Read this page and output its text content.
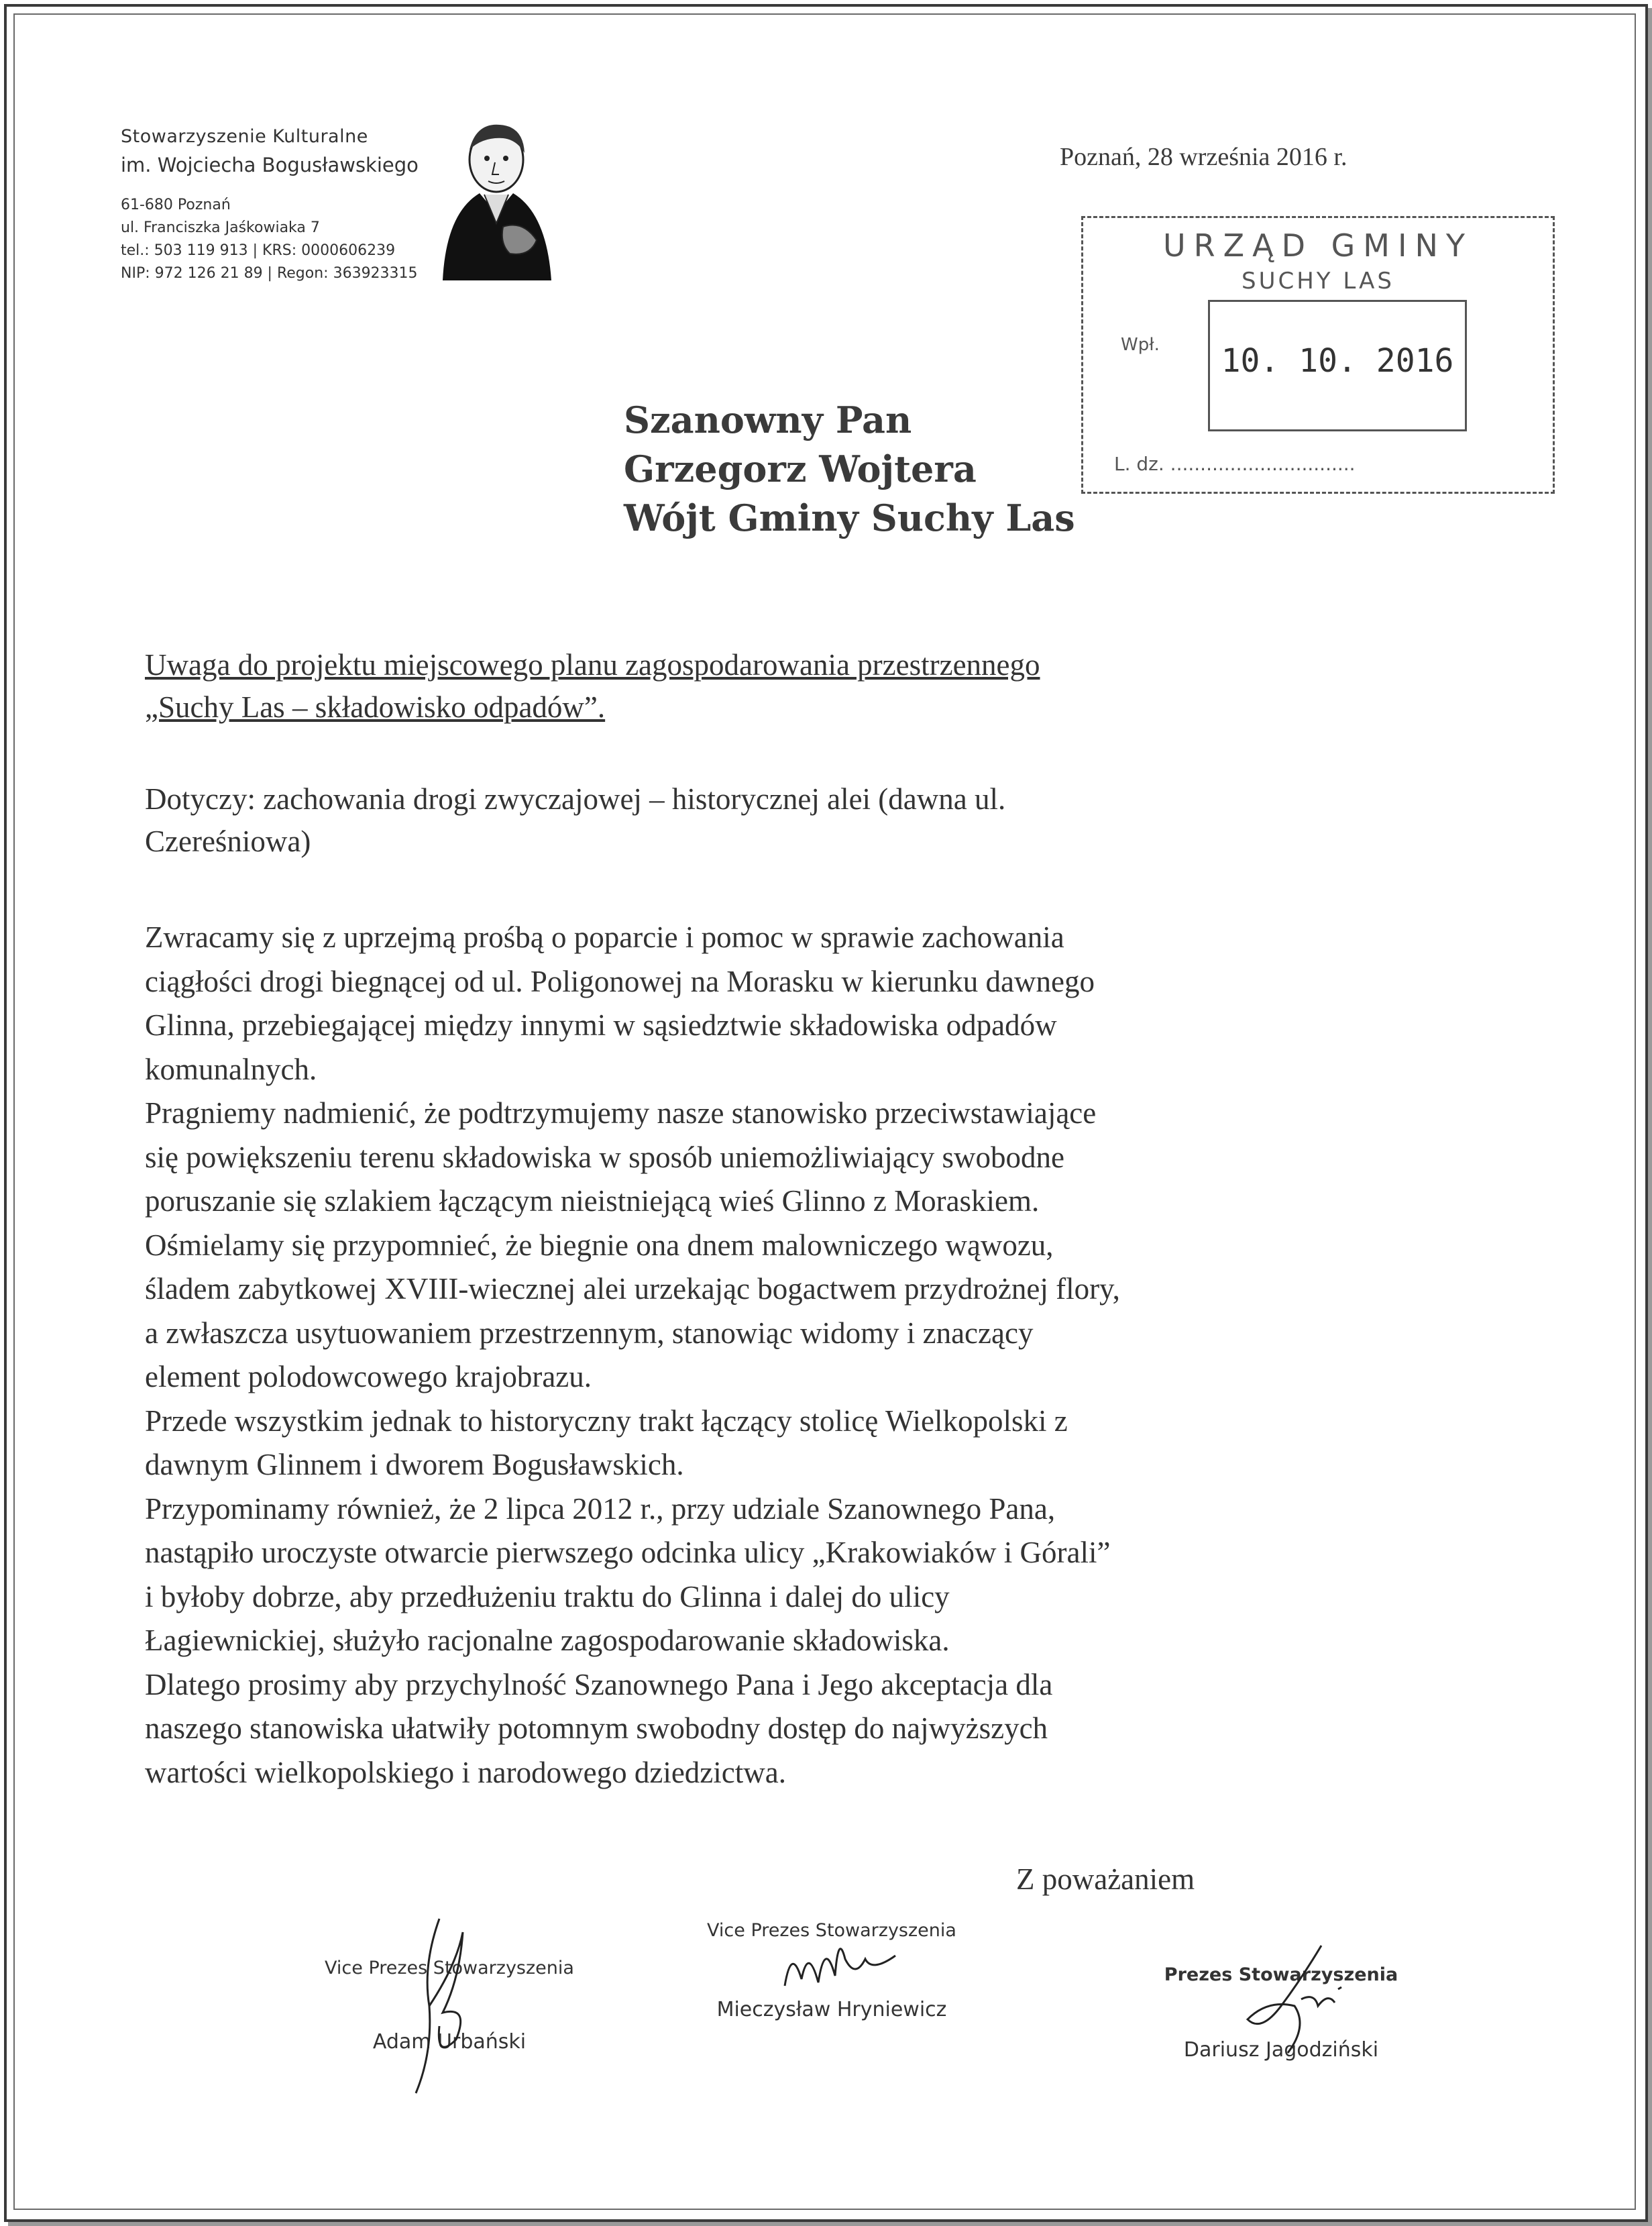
Stowarzyszenie Kulturalne
im. Wojciecha Bogusławskiego
61-680 Poznań
ul. Franciszka Jaśkowiaka 7
tel.: 503 119 913 | KRS: 0000606239
NIP: 972 126 21 89 | Regon: 363923315
Poznań, 28 września 2016 r.
URZĄD GMINY
SUCHY LAS
Wpł.	10. 10. 2016
L. dz. ...............................
Szanowny Pan
Grzegorz Wojtera
Wójt Gminy Suchy Las
Uwaga do projektu miejscowego planu zagospodarowania przestrzennego
„Suchy Las – składowisko odpadów”.
Dotyczy: zachowania drogi zwyczajowej – historycznej alei (dawna ul.
Czereśniowa)
Zwracamy się z uprzejmą prośbą o poparcie i pomoc w sprawie zachowania
ciągłości drogi biegnącej od ul. Poligonowej na Morasku w kierunku dawnego
Glinna, przebiegającej między innymi w sąsiedztwie składowiska odpadów
komunalnych.
Pragniemy nadmienić, że podtrzymujemy nasze stanowisko przeciwstawiające
się powiększeniu terenu składowiska w sposób uniemożliwiający swobodne
poruszanie się szlakiem łączącym nieistniejącą wieś Glinno z Moraskiem.
Ośmielamy się przypomnieć, że biegnie ona dnem malowniczego wąwozu,
śladem zabytkowej XVIII-wiecznej alei urzekając bogactwem przydrożnej flory,
a zwłaszcza usytuowaniem przestrzennym, stanowiąc widomy i znaczący
element polodowcowego krajobrazu.
Przede wszystkim jednak to historyczny trakt łączący stolicę Wielkopolski z
dawnym Glinnem i dworem Bogusławskich.
Przypominamy również, że 2 lipca 2012 r., przy udziale Szanownego Pana,
nastąpiło uroczyste otwarcie pierwszego odcinka ulicy „Krakowiaków i Górali”
i byłoby dobrze, aby przedłużeniu traktu do Glinna i dalej do ulicy
Łagiewnickiej, służyło racjonalne zagospodarowanie składowiska.
Dlatego prosimy aby przychylność Szanownego Pana i Jego akceptacja dla
naszego stanowiska ułatwiły potomnym swobodny dostęp do najwyższych
wartości wielkopolskiego i narodowego dziedzictwa.
Z poważaniem
Vice Prezes Stowarzyszenia
Adam Urbański
Vice Prezes Stowarzyszenia
Mieczysław Hryniewicz
Prezes Stowarzyszenia
Dariusz Jagodziński
